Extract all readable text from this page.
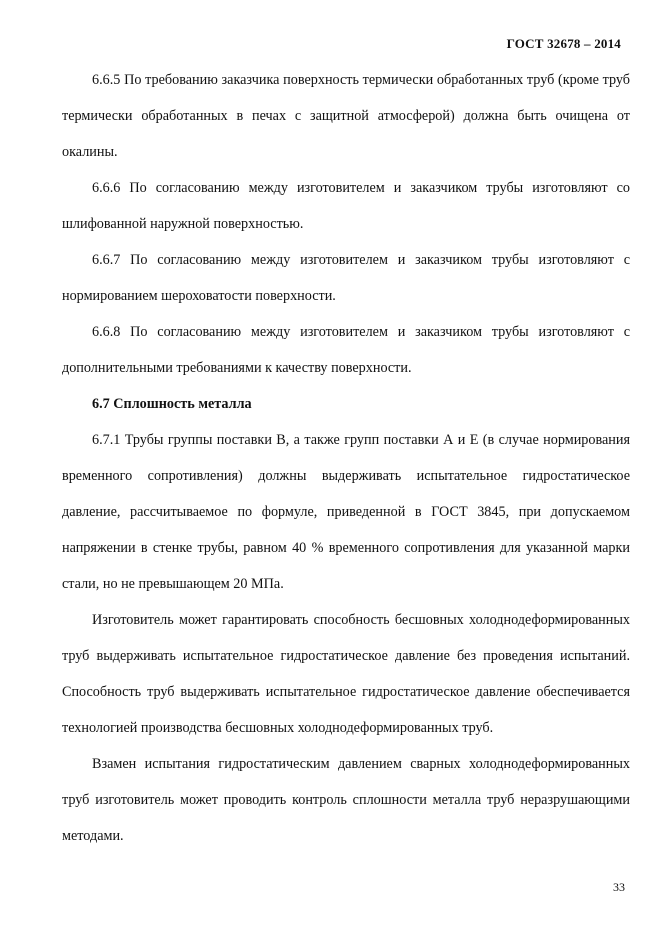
ГОСТ 32678 – 2014

6.6.5 По требованию заказчика поверхность термически обработанных труб (кроме труб термически обработанных в печах с защитной атмосферой) должна быть очищена от окалины.

6.6.6 По согласованию между изготовителем и заказчиком трубы изготовляют со шлифованной наружной поверхностью.

6.6.7 По согласованию между изготовителем и заказчиком трубы изготовляют с нормированием шероховатости поверхности.

6.6.8 По согласованию между изготовителем и заказчиком трубы изготовляют с дополнительными требованиями к качеству поверхности.

6.7 Сплошность металла

6.7.1 Трубы группы поставки В, а также групп поставки А и Е (в случае нормирования временного сопротивления) должны выдерживать испытательное гидростатическое давление, рассчитываемое по формуле, приведенной в ГОСТ 3845, при допускаемом напряжении в стенке трубы, равном 40 % временного сопротивления для указанной марки стали, но не превышающем 20 МПа.

Изготовитель может гарантировать способность бесшовных холоднодеформированных труб выдерживать испытательное гидростатическое давление без проведения испытаний. Способность труб выдерживать испытательное гидростатическое давление обеспечивается технологией производства бесшовных холоднодеформированных труб.

Взамен испытания гидростатическим давлением сварных холоднодеформированных труб изготовитель может проводить контроль сплошности металла труб неразрушающими методами.

33
